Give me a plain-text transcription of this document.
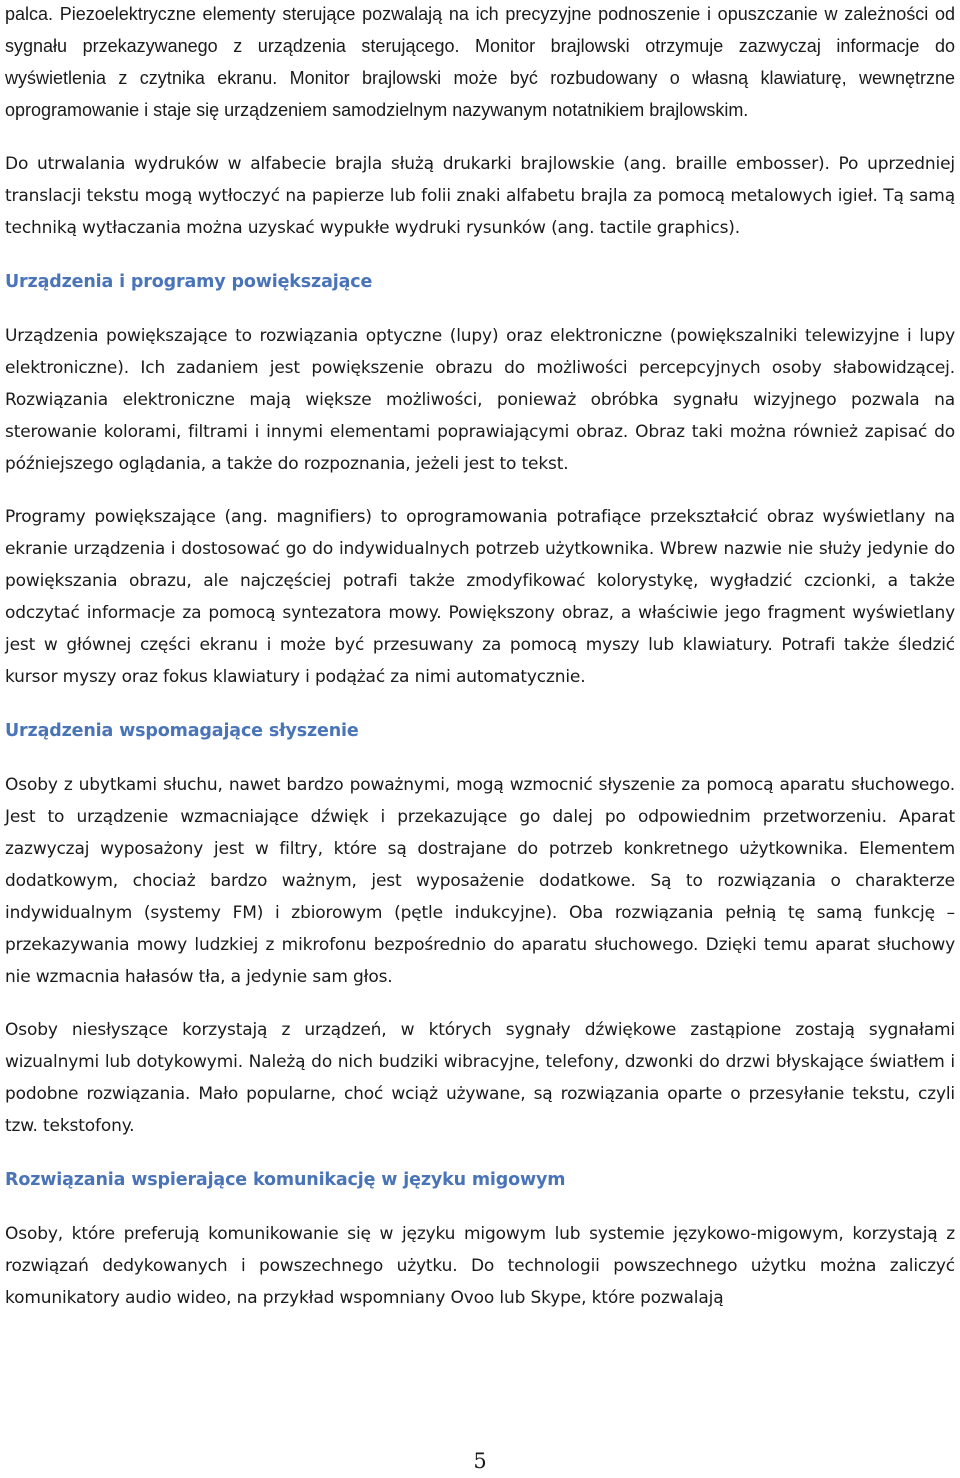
palca. Piezoelektryczne elementy sterujące pozwalają na ich precyzyjne podnoszenie i opuszczanie w zależności od sygnału przekazywanego z urządzenia sterującego. Monitor brajlowski otrzymuje zazwyczaj informacje do wyświetlenia z czytnika ekranu. Monitor brajlowski może być rozbudowany o własną klawiaturę, wewnętrzne oprogramowanie i staje się urządzeniem samodzielnym nazywanym notatnikiem brajlowskim.

Do utrwalania wydruków w alfabecie brajla służą drukarki brajlowskie (ang. braille embosser). Po uprzedniej translacji tekstu mogą wytłoczyć na papierze lub folii znaki alfabetu brajla za pomocą metalowych igieł. Tą samą techniką wytłaczania można uzyskać wypukłe wydruki rysunków (ang. tactile graphics).

Urządzenia i programy powiększające

Urządzenia powiększające to rozwiązania optyczne (lupy) oraz elektroniczne (powiększalniki telewizyjne i lupy elektroniczne). Ich zadaniem jest powiększenie obrazu do możliwości percepcyjnych osoby słabowidzącej. Rozwiązania elektroniczne mają większe możliwości, ponieważ obróbka sygnału wizyjnego pozwala na sterowanie kolorami, filtrami i innymi elementami poprawiającymi obraz. Obraz taki można również zapisać do późniejszego oglądania, a także do rozpoznania, jeżeli jest to tekst.

Programy powiększające (ang. magnifiers) to oprogramowania potrafiące przekształcić obraz wyświetlany na ekranie urządzenia i dostosować go do indywidualnych potrzeb użytkownika. Wbrew nazwie nie służy jedynie do powiększania obrazu, ale najczęściej potrafi także zmodyfikować kolorystykę, wygładzić czcionki, a także odczytać informacje za pomocą syntezatora mowy. Powiększony obraz, a właściwie jego fragment wyświetlany jest w głównej części ekranu i może być przesuwany za pomocą myszy lub klawiatury. Potrafi także śledzić kursor myszy oraz fokus klawiatury i podążać za nimi automatycznie.

Urządzenia wspomagające słyszenie

Osoby z ubytkami słuchu, nawet bardzo poważnymi, mogą wzmocnić słyszenie za pomocą aparatu słuchowego. Jest to urządzenie wzmacniające dźwięk i przekazujące go dalej po odpowiednim przetworzeniu. Aparat zazwyczaj wyposażony jest w filtry, które są dostrajane do potrzeb konkretnego użytkownika. Elementem dodatkowym, chociaż bardzo ważnym, jest wyposażenie dodatkowe. Są to rozwiązania o charakterze indywidualnym (systemy FM) i zbiorowym (pętle indukcyjne). Oba rozwiązania pełnią tę samą funkcję – przekazywania mowy ludzkiej z mikrofonu bezpośrednio do aparatu słuchowego. Dzięki temu aparat słuchowy nie wzmacnia hałasów tła, a jedynie sam głos.

Osoby niesłyszące korzystają z urządzeń, w których sygnały dźwiękowe zastąpione zostają sygnałami wizualnymi lub dotykowymi. Należą do nich budziki wibracyjne, telefony, dzwonki do drzwi błyskające światłem i podobne rozwiązania. Mało popularne, choć wciąż używane, są rozwiązania oparte o przesyłanie tekstu, czyli tzw. tekstofony.

Rozwiązania wspierające komunikację w języku migowym

Osoby, które preferują komunikowanie się w języku migowym lub systemie językowo-migowym, korzystają z rozwiązań dedykowanych i powszechnego użytku. Do technologii powszechnego użytku można zaliczyć komunikatory audio wideo, na przykład wspomniany Ovoo lub Skype, które pozwalają

5
